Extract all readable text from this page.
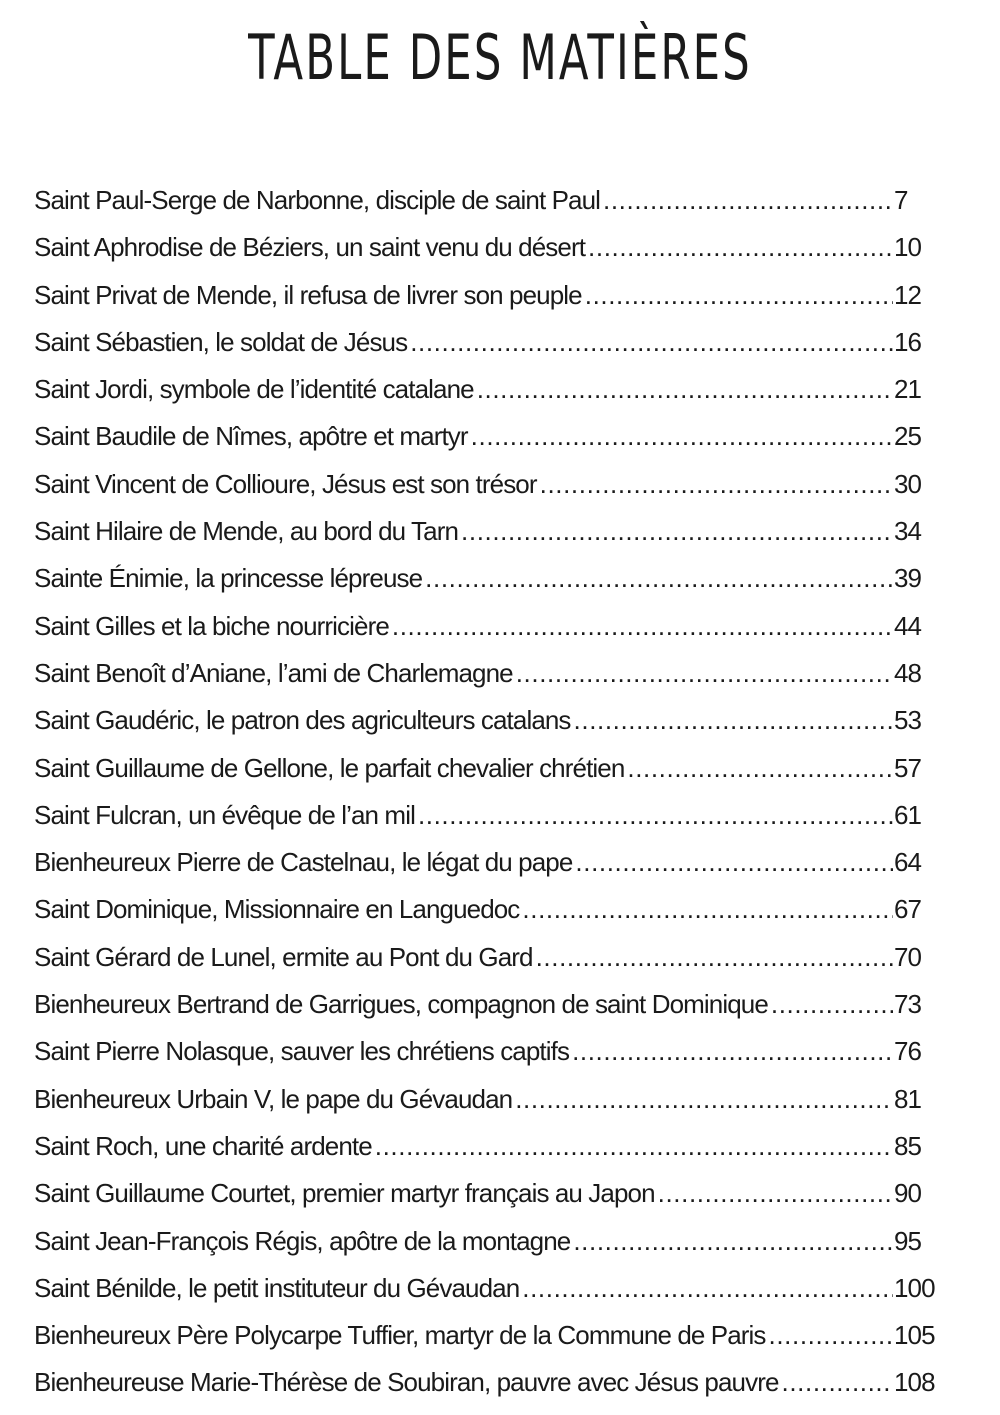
TABLE DES MATIÈRES
Saint Paul-Serge de Narbonne, disciple de saint Paul .....	7
Saint Aphrodise de Béziers, un saint venu du désert .....	10
Saint Privat de Mende, il refusa de livrer son peuple .....	12
Saint Sébastien, le soldat de Jésus .....	16
Saint Jordi, symbole de l’identité catalane .....	21
Saint Baudile de Nîmes, apôtre et martyr .....	25
Saint Vincent de Collioure, Jésus est son trésor .....	30
Saint Hilaire de Mende, au bord du Tarn .....	34
Sainte Énimie, la princesse lépreuse .....	39
Saint Gilles et la biche nourricière .....	44
Saint Benoît d’Aniane, l’ami de Charlemagne .....	48
Saint Gaudéric, le patron des agriculteurs catalans .....	53
Saint Guillaume de Gellone, le parfait chevalier chrétien .....	57
Saint Fulcran, un évêque de l’an mil .....	61
Bienheureux Pierre de Castelnau, le légat du pape .....	64
Saint Dominique, Missionnaire en Languedoc .....	67
Saint Gérard de Lunel, ermite au Pont du Gard .....	70
Bienheureux Bertrand de Garrigues, compagnon de saint Dominique .....	73
Saint Pierre Nolasque, sauver les chrétiens captifs .....	76
Bienheureux Urbain V, le pape du Gévaudan .....	81
Saint Roch, une charité ardente .....	85
Saint Guillaume Courtet, premier martyr français au Japon .....	90
Saint Jean-François Régis, apôtre de la montagne .....	95
Saint Bénilde, le petit instituteur du Gévaudan .....	100
Bienheureux Père Polycarpe Tuffier, martyr de la Commune de Paris .....	105
Bienheureuse Marie-Thérèse de Soubiran, pauvre avec Jésus pauvre .....	108
